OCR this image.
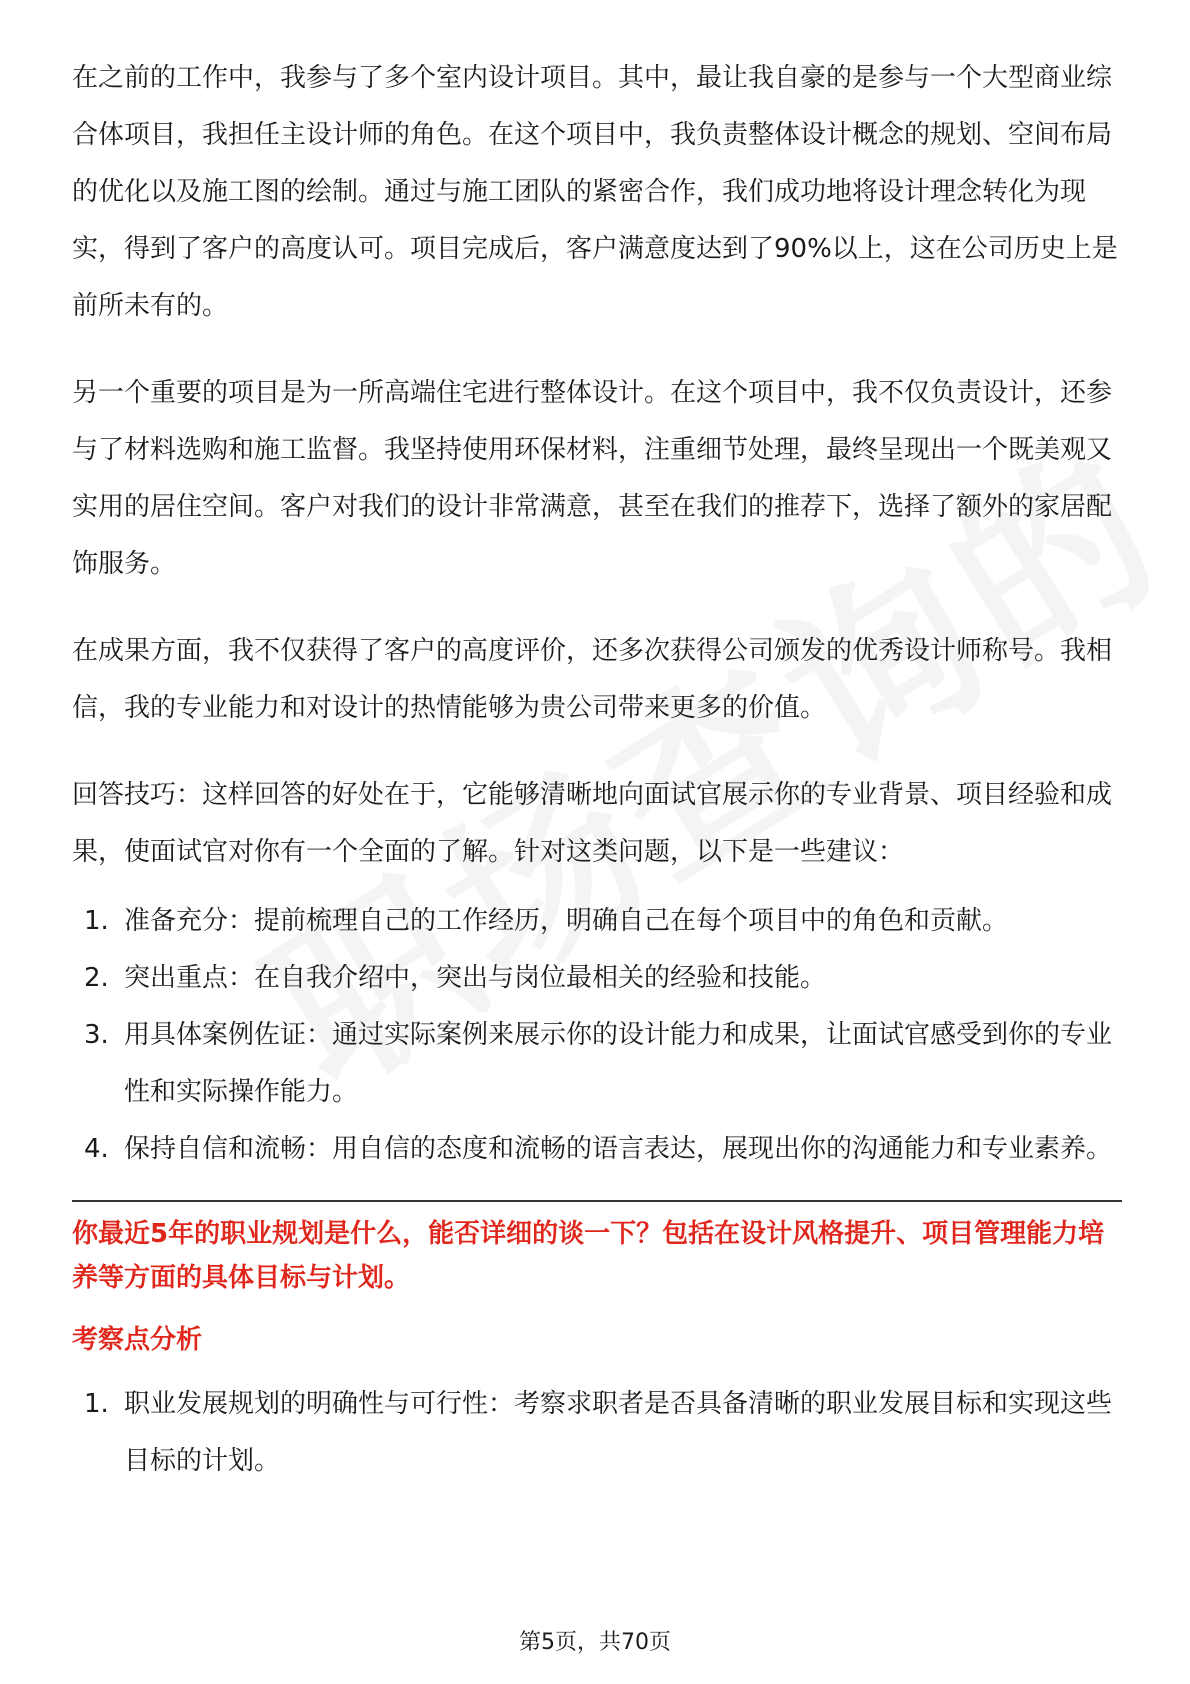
在之前的工作中，我参与了多个室内设计项目。其中，最让我自豪的是参与一个大型商业综合体项目，我担任主设计师的角色。在这个项目中，我负责整体设计概念的规划、空间布局的优化以及施工图的绘制。通过与施工团队的紧密合作，我们成功地将设计理念转化为现实，得到了客户的高度认可。项目完成后，客户满意度达到了90%以上，这在公司历史上是前所未有的。

另一个重要的项目是为一所高端住宅进行整体设计。在这个项目中，我不仅负责设计，还参与了材料选购和施工监督。我坚持使用环保材料，注重细节处理，最终呈现出一个既美观又实用的居住空间。客户对我们的设计非常满意，甚至在我们的推荐下，选择了额外的家居配饰服务。

在成果方面，我不仅获得了客户的高度评价，还多次获得公司颁发的优秀设计师称号。我相信，我的专业能力和对设计的热情能够为贵公司带来更多的价值。

回答技巧：这样回答的好处在于，它能够清晰地向面试官展示你的专业背景、项目经验和成果，使面试官对你有一个全面的了解。针对这类问题，以下是一些建议：

1. 准备充分：提前梳理自己的工作经历，明确自己在每个项目中的角色和贡献。
2. 突出重点：在自我介绍中，突出与岗位最相关的经验和技能。
3. 用具体案例佐证：通过实际案例来展示你的设计能力和成果，让面试官感受到你的专业性和实际操作能力。
4. 保持自信和流畅：用自信的态度和流畅的语言表达，展现出你的沟通能力和专业素养。

你最近5年的职业规划是什么，能否详细的谈一下？包括在设计风格提升、项目管理能力培养等方面的具体目标与计划。

考察点分析

1. 职业发展规划的明确性与可行性：考察求职者是否具备清晰的职业发展目标和实现这些目标的计划。
第5页，共70页
